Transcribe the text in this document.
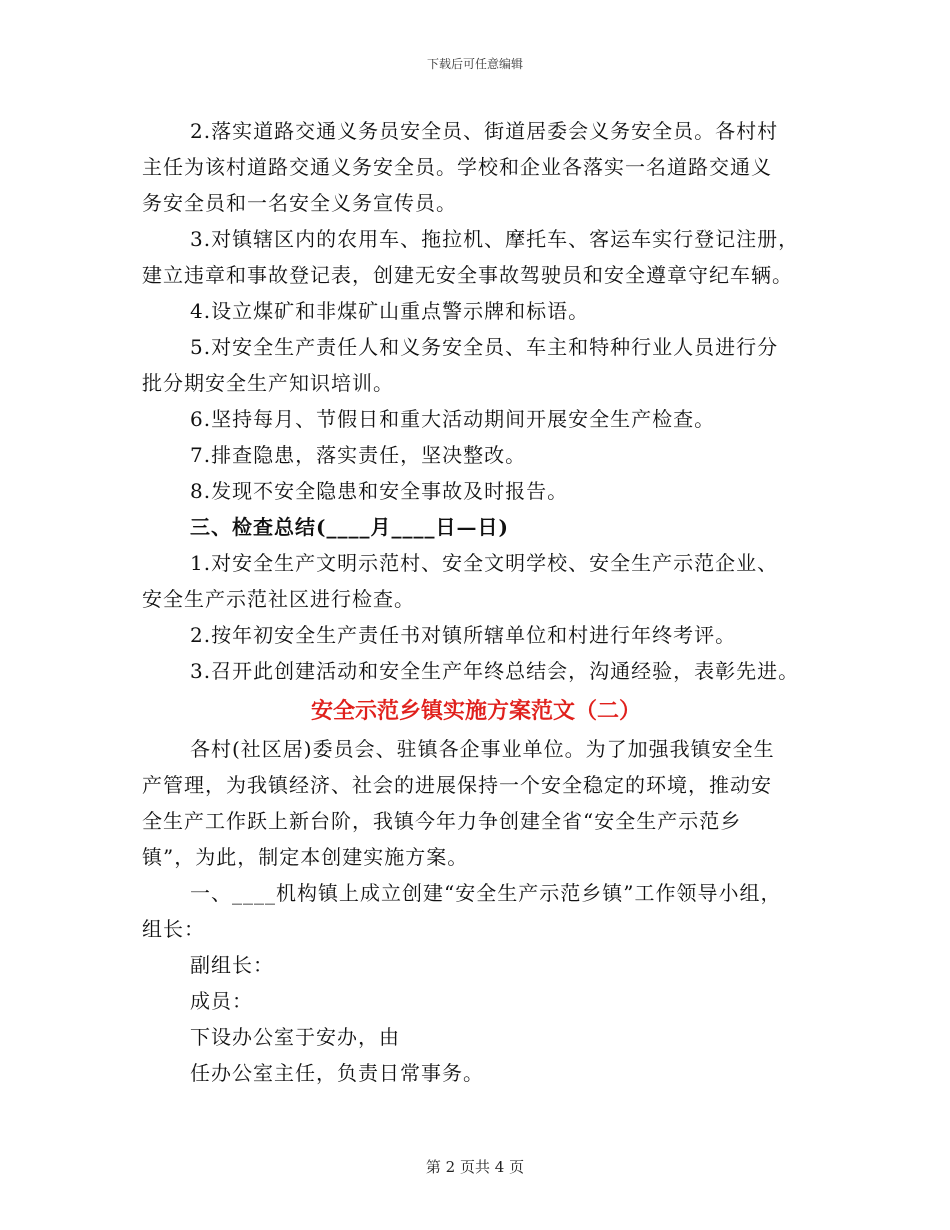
下载后可任意编辑
2.落实道路交通义务员安全员、街道居委会义务安全员。各村村
主任为该村道路交通义务安全员。学校和企业各落实一名道路交通义
务安全员和一名安全义务宣传员。
3.对镇辖区内的农用车、拖拉机、摩托车、客运车实行登记注册，
建立违章和事故登记表，创建无安全事故驾驶员和安全遵章守纪车辆。
4.设立煤矿和非煤矿山重点警示牌和标语。
5.对安全生产责任人和义务安全员、车主和特种行业人员进行分
批分期安全生产知识培训。
6.坚持每月、节假日和重大活动期间开展安全生产检查。
7.排查隐患，落实责任，坚决整改。
8.发现不安全隐患和安全事故及时报告。
三、检查总结(____月____日—日)
1.对安全生产文明示范村、安全文明学校、安全生产示范企业、
安全生产示范社区进行检查。
2.按年初安全生产责任书对镇所辖单位和村进行年终考评。
3.召开此创建活动和安全生产年终总结会，沟通经验，表彰先进。
安全示范乡镇实施方案范文（二）
各村(社区居)委员会、驻镇各企事业单位。为了加强我镇安全生
产管理，为我镇经济、社会的进展保持一个安全稳定的环境，推动安
全生产工作跃上新台阶，我镇今年力争创建全省“安全生产示范乡
镇”，为此，制定本创建实施方案。
一、____机构镇上成立创建“安全生产示范乡镇”工作领导小组，
组长：
副组长：
成员：
下设办公室于安办，由
任办公室主任，负责日常事务。
第 2 页共 4 页
